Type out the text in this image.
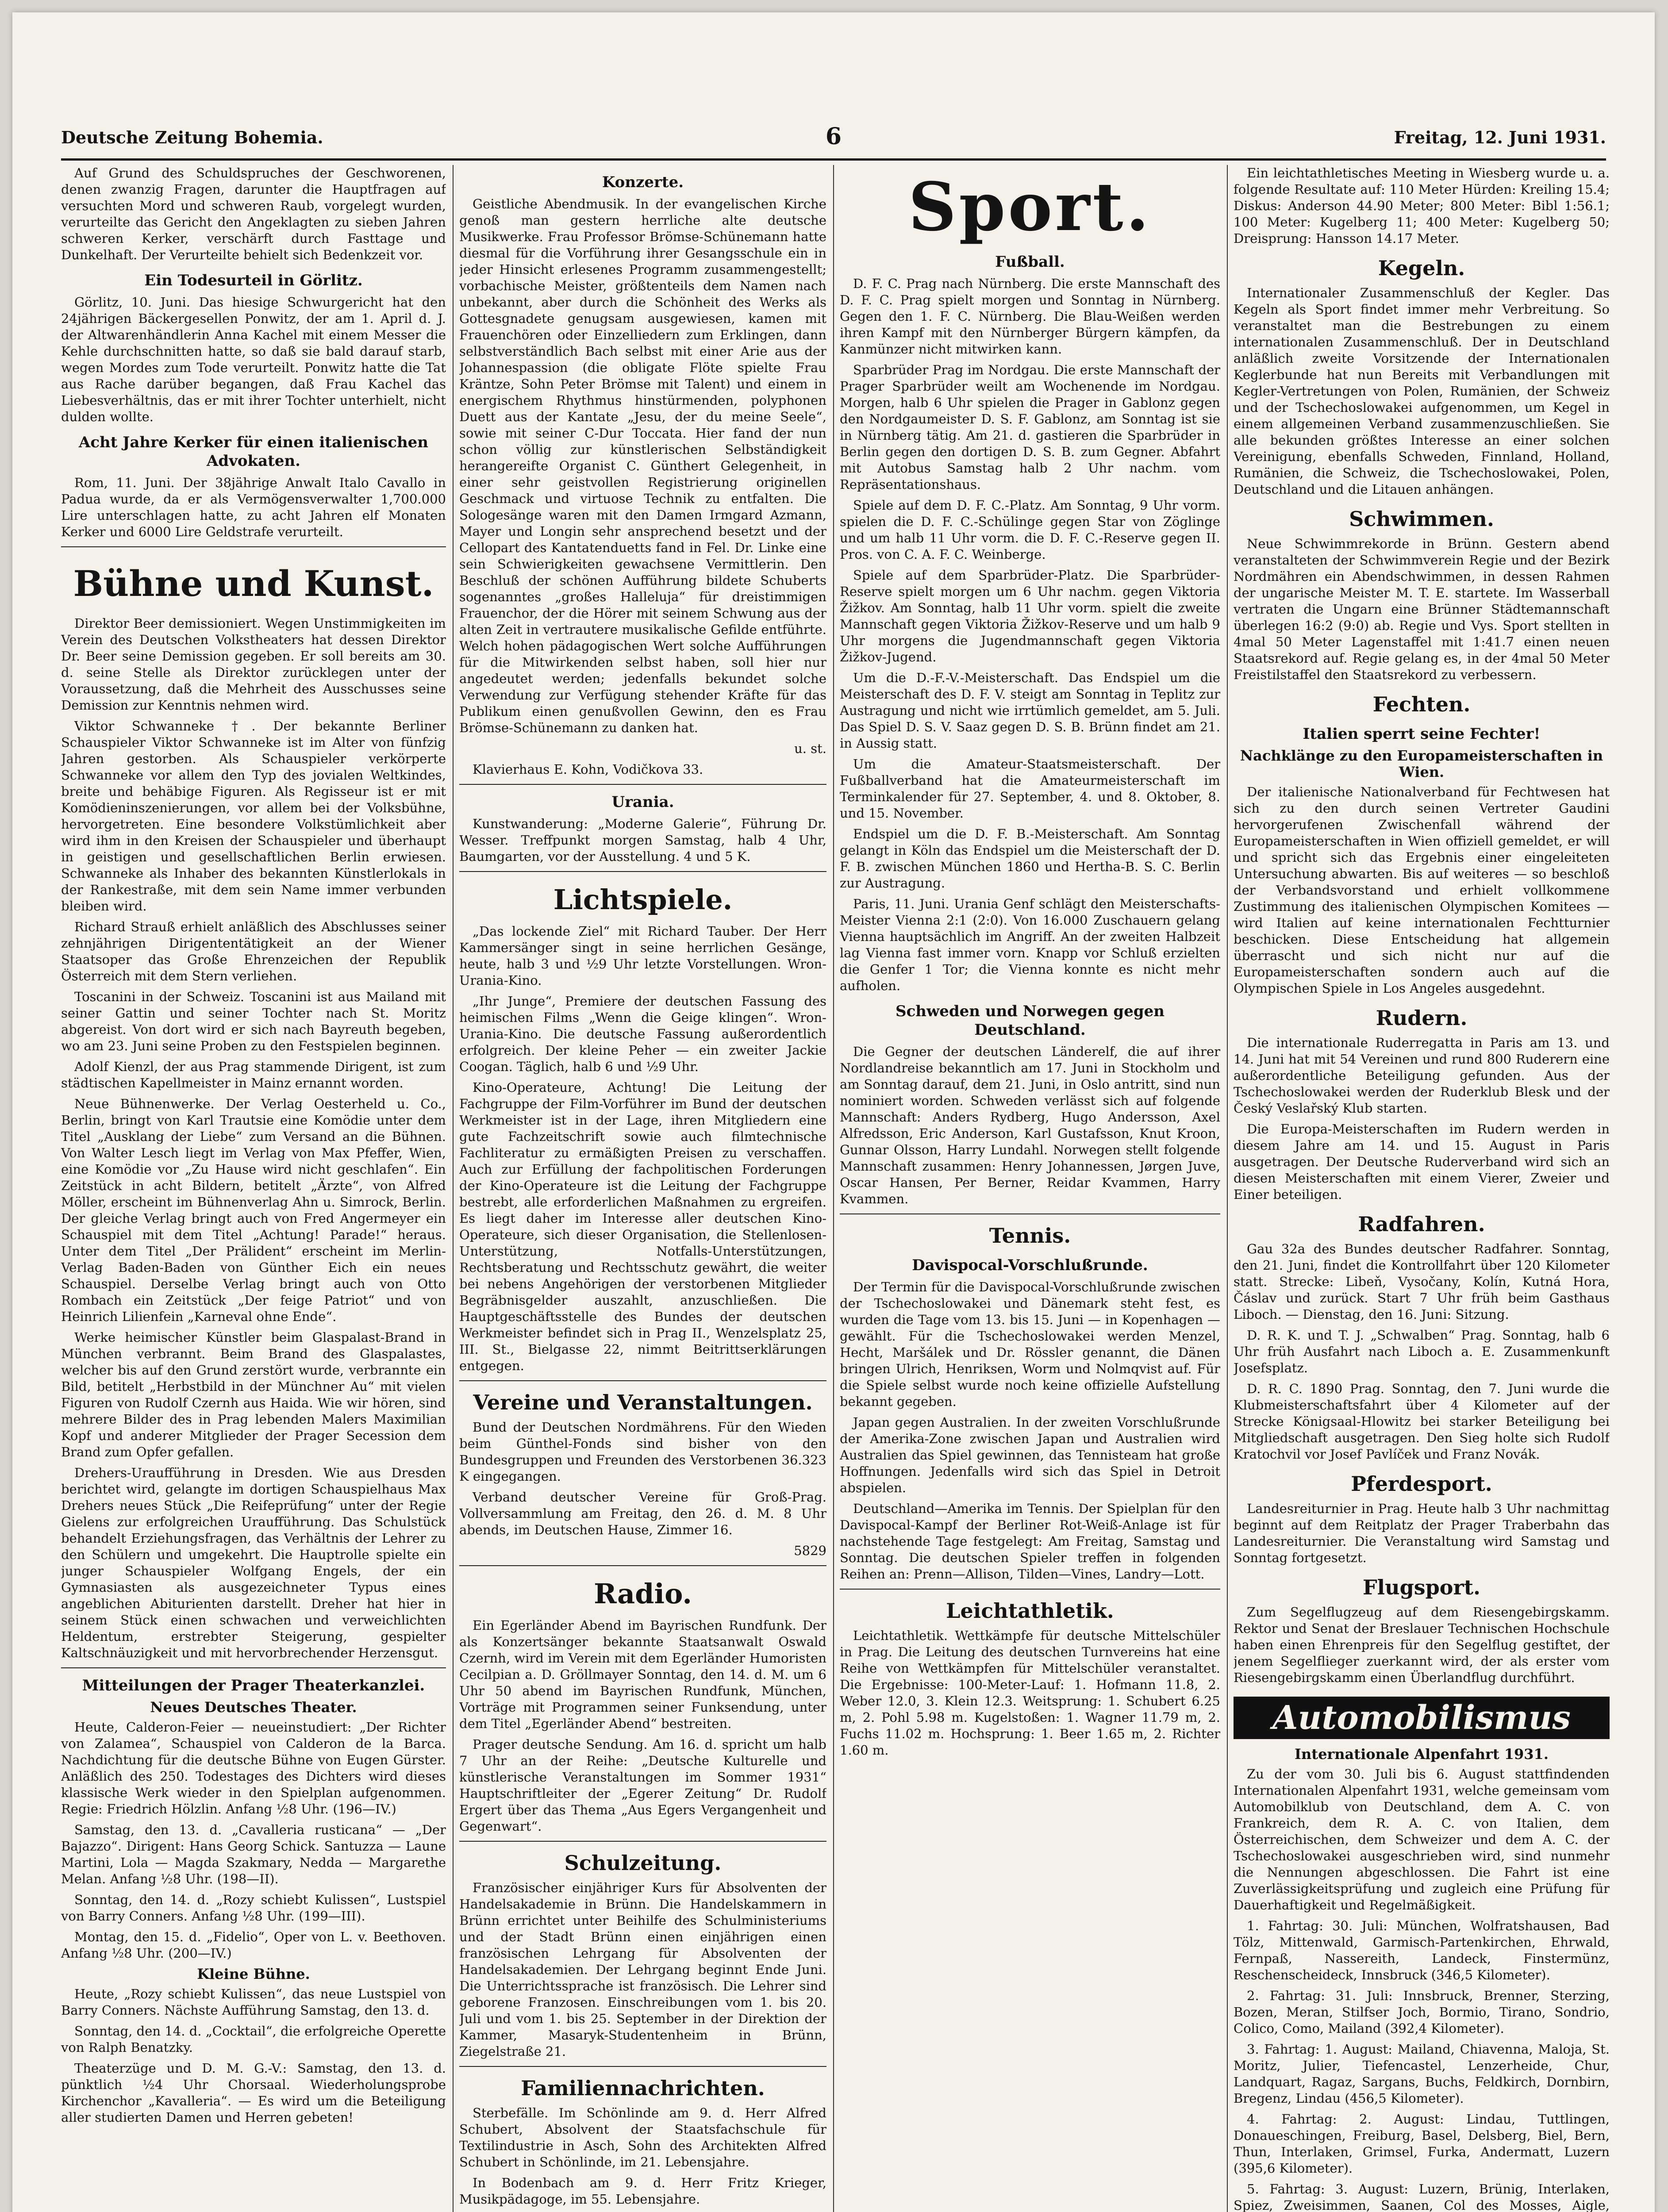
Deutsche Zeitung Bohemia.	6	Freitag, 12. Juni 1931.

Auf Grund des Schuldspruches der Geschworenen, denen zwanzig Fragen, darunter die Hauptfragen auf versuchten Mord und schweren Raub, vorgelegt wurden, verurteilte das Gericht den Angeklagten zu sieben Jahren schweren Kerker, verschärft durch Fasttage und Dunkelhaft. Der Verurteilte behielt sich Bedenkzeit vor.

Ein Todesurteil in Görlitz.

Görlitz, 10. Juni. Das hiesige Schwurgericht hat den 24jährigen Bäckergesellen Ponwitz, der am 1. April d. J. der Altwarenhändlerin Anna Kachel mit einem Messer die Kehle durchschnitten hatte, so daß sie bald darauf starb, wegen Mordes zum Tode verurteilt. Ponwitz hatte die Tat aus Rache darüber begangen, daß Frau Kachel das Liebesverhältnis, das er mit ihrer Tochter unterhielt, nicht dulden wollte.

Acht Jahre Kerker für einen italienischen Advokaten.

Rom, 11. Juni. Der 38jährige Anwalt Italo Cavallo in Padua wurde, da er als Vermögensverwalter 1,700.000 Lire unterschlagen hatte, zu acht Jahren elf Monaten Kerker und 6000 Lire Geldstrafe verurteilt.

Bühne und Kunst.

Direktor Beer demissioniert. Wegen Unstimmigkeiten im Verein des Deutschen Volkstheaters hat dessen Direktor Dr. Beer seine Demission gegeben. Er soll bereits am 30. d. seine Stelle als Direktor zurücklegen unter der Voraussetzung, daß die Mehrheit des Ausschusses seine Demission zur Kenntnis nehmen wird.

Viktor Schwanneke †. Der bekannte Berliner Schauspieler Viktor Schwanneke ist im Alter von fünfzig Jahren gestorben. Als Schauspieler verkörperte Schwanneke vor allem den Typ des jovialen Weltkindes, breite und behäbige Figuren. Als Regisseur ist er mit Komödieninszenierungen, vor allem bei der Volksbühne, hervorgetreten. Eine besondere Volkstümlichkeit aber wird ihm in den Kreisen der Schauspieler und überhaupt in geistigen und gesellschaftlichen Berlin erwiesen. Schwanneke als Inhaber des bekannten Künstlerlokals in der Rankestraße, mit dem sein Name immer verbunden bleiben wird.

Richard Strauß erhielt anläßlich des Abschlusses seiner zehnjährigen Dirigententätigkeit an der Wiener Staatsoper das Große Ehrenzeichen der Republik Österreich mit dem Stern verliehen.

Toscanini in der Schweiz. Toscanini ist aus Mailand mit seiner Gattin und seiner Tochter nach St. Moritz abgereist. Von dort wird er sich nach Bayreuth begeben, wo am 23. Juni seine Proben zu den Festspielen beginnen.

Adolf Kienzl, der aus Prag stammende Dirigent, ist zum städtischen Kapellmeister in Mainz ernannt worden.

Neue Bühnenwerke. Der Verlag Oesterheld u. Co., Berlin, bringt von Karl Trautsie eine Komödie unter dem Titel „Ausklang der Liebe“ zum Versand an die Bühnen. Von Walter Lesch liegt im Verlag von Max Pfeffer, Wien, eine Komödie vor „Zu Hause wird nicht geschlafen“. Ein Zeitstück in acht Bildern, betitelt „Ärzte“, von Alfred Möller, erscheint im Bühnenverlag Ahn u. Simrock, Berlin. Der gleiche Verlag bringt auch von Fred Angermeyer ein Schauspiel mit dem Titel „Achtung! Parade!“ heraus. Unter dem Titel „Der Prälident“ erscheint im Merlin-Verlag Baden-Baden von Günther Eich ein neues Schauspiel. Derselbe Verlag bringt auch von Otto Rombach ein Zeitstück „Der feige Patriot“ und von Heinrich Lilienfein „Karneval ohne Ende“.

Werke heimischer Künstler beim Glaspalast-Brand in München verbrannt. Beim Brand des Glaspalastes, welcher bis auf den Grund zerstört wurde, verbrannte ein Bild, betitelt „Herbstbild in der Münchner Au“ mit vielen Figuren von Rudolf Czernh aus Haida. Wie wir hören, sind mehrere Bilder des in Prag lebenden Malers Maximilian Kopf und anderer Mitglieder der Prager Secession dem Brand zum Opfer gefallen.

Drehers-Uraufführung in Dresden. Wie aus Dresden berichtet wird, gelangte im dortigen Schauspielhaus Max Drehers neues Stück „Die Reifeprüfung“ unter der Regie Gielens zur erfolgreichen Uraufführung. Das Schulstück behandelt Erziehungsfragen, das Verhältnis der Lehrer zu den Schülern und umgekehrt. Die Hauptrolle spielte ein junger Schauspieler Wolfgang Engels, der ein Gymnasiasten als ausgezeichneter Typus eines angeblichen Abiturienten darstellt. Dreher hat hier in seinem Stück einen schwachen und verweichlichten Heldentum, erstrebter Steigerung, gespielter Kaltschnäuzigkeit und mit hervorbrechender Herzensgut.

Mitteilungen der Prager Theaterkanzlei.
Neues Deutsches Theater.

Heute, Calderon-Feier — neueinstudiert: „Der Richter von Zalamea“, Schauspiel von Calderon de la Barca. Nachdichtung für die deutsche Bühne von Eugen Gürster. Anläßlich des 250. Todestages des Dichters wird dieses klassische Werk wieder in den Spielplan aufgenommen. Regie: Friedrich Hölzlin. Anfang ½8 Uhr. (196—IV.)

Samstag, den 13. d. „Cavalleria rusticana“ — „Der Bajazzo“. Dirigent: Hans Georg Schick. Santuzza — Laune Martini, Lola — Magda Szakmary, Nedda — Margarethe Melan. Anfang ½8 Uhr. (198—II).

Sonntag, den 14. d. „Rozy schiebt Kulissen“, Lustspiel von Barry Conners. Anfang ½8 Uhr. (199—III).

Montag, den 15. d. „Fidelio“, Oper von L. v. Beethoven. Anfang ½8 Uhr. (200—IV.)

Kleine Bühne.

Heute, „Rozy schiebt Kulissen“, das neue Lustspiel von Barry Conners. Nächste Aufführung Samstag, den 13. d.

Sonntag, den 14. d. „Cocktail“, die erfolgreiche Operette von Ralph Benatzky.

Theaterzüge und D. M. G.-V.: Samstag, den 13. d. pünktlich ½4 Uhr Chorsaal. Wiederholungsprobe Kirchenchor „Kavalleria“. — Es wird um die Beteiligung aller studierten Damen und Herren gebeten!

Konzerte.

Geistliche Abendmusik. In der evangelischen Kirche genoß man gestern herrliche alte deutsche Musikwerke. Frau Professor Brömse-Schünemann hatte diesmal für die Vorführung ihrer Gesangsschule ein in jeder Hinsicht erlesenes Programm zusammengestellt; vorbachische Meister, größtenteils dem Namen nach unbekannt, aber durch die Schönheit des Werks als Gottesgnadete genugsam ausgewiesen, kamen mit Frauenchören oder Einzelliedern zum Erklingen, dann selbstverständlich Bach selbst mit einer Arie aus der Johannespassion (die obligate Flöte spielte Frau Kräntze, Sohn Peter Brömse mit Talent) und einem in energischem Rhythmus hinstürmenden, polyphonen Duett aus der Kantate „Jesu, der du meine Seele“, sowie mit seiner C-Dur Toccata. Hier fand der nun schon völlig zur künstlerischen Selbständigkeit herangereifte Organist C. Günthert Gelegenheit, in einer sehr geistvollen Registrierung originellen Geschmack und virtuose Technik zu entfalten. Die Sologesänge waren mit den Damen Irmgard Azmann, Mayer und Longin sehr ansprechend besetzt und der Cellopart des Kantatenduetts fand in Fel. Dr. Linke eine sein Schwierigkeiten gewachsene Vermittlerin. Den Beschluß der schönen Aufführung bildete Schuberts sogenanntes „großes Halleluja“ für dreistimmigen Frauenchor, der die Hörer mit seinem Schwung aus der alten Zeit in vertrautere musikalische Gefilde entführte. Welch hohen pädagogischen Wert solche Aufführungen für die Mitwirkenden selbst haben, soll hier nur angedeutet werden; jedenfalls bekundet solche Verwendung zur Verfügung stehender Kräfte für das Publikum einen genußvollen Gewinn, den es Frau Brömse-Schünemann zu danken hat.

u. st.

Klavierhaus E. Kohn, Vodičkova 33.

Urania.

Kunstwanderung: „Moderne Galerie“, Führung Dr. Wesser. Treffpunkt morgen Samstag, halb 4 Uhr, Baumgarten, vor der Ausstellung. 4 und 5 K.

Lichtspiele.

„Das lockende Ziel“ mit Richard Tauber. Der Herr Kammersänger singt in seine herrlichen Gesänge, heute, halb 3 und ½9 Uhr letzte Vorstellungen. Wron-Urania-Kino.

„Ihr Junge“, Premiere der deutschen Fassung des heimischen Films „Wenn die Geige klingen“. Wron-Urania-Kino. Die deutsche Fassung außerordentlich erfolgreich. Der kleine Peher — ein zweiter Jackie Coogan. Täglich, halb 6 und ½9 Uhr.

Kino-Operateure, Achtung! Die Leitung der Fachgruppe der Film-Vorführer im Bund der deutschen Werkmeister ist in der Lage, ihren Mitgliedern eine gute Fachzeitschrift sowie auch filmtechnische Fachliteratur zu ermäßigten Preisen zu verschaffen. Auch zur Erfüllung der fachpolitischen Forderungen der Kino-Operateure ist die Leitung der Fachgruppe bestrebt, alle erforderlichen Maßnahmen zu ergreifen. Es liegt daher im Interesse aller deutschen Kino-Operateure, sich dieser Organisation, die Stellenlosen-Unterstützung, Notfalls-Unterstützungen, Rechtsberatung und Rechtsschutz gewährt, die weiter bei nebens Angehörigen der verstorbenen Mitglieder Begräbnisgelder auszahlt, anzuschließen. Die Hauptgeschäftsstelle des Bundes der deutschen Werkmeister befindet sich in Prag II., Wenzelsplatz 25, III. St., Bielgasse 22, nimmt Beitrittserklärungen entgegen.

Vereine und Veranstaltungen.

Bund der Deutschen Nordmährens. Für den Wieden beim Günthel-Fonds sind bisher von den Bundesgruppen und Freunden des Verstorbenen 36.323 K eingegangen.

Verband deutscher Vereine für Groß-Prag. Vollversammlung am Freitag, den 26. d. M. 8 Uhr abends, im Deutschen Hause, Zimmer 16.

5829

Radio.

Ein Egerländer Abend im Bayrischen Rundfunk. Der als Konzertsänger bekannte Staatsanwalt Oswald Czernh, wird im Verein mit dem Egerländer Humoristen Cecilpian a. D. Gröllmayer Sonntag, den 14. d. M. um 6 Uhr 50 abend im Bayrischen Rundfunk, München, Vorträge mit Programmen seiner Funksendung, unter dem Titel „Egerländer Abend“ bestreiten.

Prager deutsche Sendung. Am 16. d. spricht um halb 7 Uhr an der Reihe: „Deutsche Kulturelle und künstlerische Veranstaltungen im Sommer 1931“ Hauptschriftleiter der „Egerer Zeitung“ Dr. Rudolf Ergert über das Thema „Aus Egers Vergangenheit und Gegenwart“.

Schulzeitung.

Französischer einjähriger Kurs für Absolventen der Handelsakademie in Brünn. Die Handelskammern in Brünn errichtet unter Beihilfe des Schulministeriums und der Stadt Brünn einen einjährigen einen französischen Lehrgang für Absolventen der Handelsakademien. Der Lehrgang beginnt Ende Juni. Die Unterrichtssprache ist französisch. Die Lehrer sind geborene Franzosen. Einschreibungen vom 1. bis 20. Juli und vom 1. bis 25. September in der Direktion der Kammer, Masaryk-Studentenheim in Brünn, Ziegelstraße 21.

Familiennachrichten.

Sterbefälle. Im Schönlinde am 9. d. Herr Alfred Schubert, Absolvent der Staatsfachschule für Textilindustrie in Asch, Sohn des Architekten Alfred Schubert in Schönlinde, im 21. Lebensjahre.

In Bodenbach am 9. d. Herr Fritz Krieger, Musikpädagoge, im 55. Lebensjahre.

Sport.
Fußball.

D. F. C. Prag nach Nürnberg. Die erste Mannschaft des D. F. C. Prag spielt morgen und Sonntag in Nürnberg. Gegen den 1. F. C. Nürnberg. Die Blau-Weißen werden ihren Kampf mit den Nürnberger Bürgern kämpfen, da Kanmünzer nicht mitwirken kann.

Sparbrüder Prag im Nordgau. Die erste Mannschaft der Prager Sparbrüder weilt am Wochenende im Nordgau. Morgen, halb 6 Uhr spielen die Prager in Gablonz gegen den Nordgaumeister D. S. F. Gablonz, am Sonntag ist sie in Nürnberg tätig. Am 21. d. gastieren die Sparbrüder in Berlin gegen den dortigen D. S. B. zum Gegner. Abfahrt mit Autobus Samstag halb 2 Uhr nachm. vom Repräsentationshaus.

Spiele auf dem D. F. C.-Platz. Am Sonntag, 9 Uhr vorm. spielen die D. F. C.-Schülinge gegen Star von Zöglinge und um halb 11 Uhr vorm. die D. F. C.-Reserve gegen II. Pros. von C. A. F. C. Weinberge.

Spiele auf dem Sparbrüder-Platz. Die Sparbrüder-Reserve spielt morgen um 6 Uhr nachm. gegen Viktoria Žižkov. Am Sonntag, halb 11 Uhr vorm. spielt die zweite Mannschaft gegen Viktoria Žižkov-Reserve und um halb 9 Uhr morgens die Jugendmannschaft gegen Viktoria Žižkov-Jugend.

Um die D.-F.-V.-Meisterschaft. Das Endspiel um die Meisterschaft des D. F. V. steigt am Sonntag in Teplitz zur Austragung und nicht wie irrtümlich gemeldet, am 5. Juli. Das Spiel D. S. V. Saaz gegen D. S. B. Brünn findet am 21. in Aussig statt.

Um die Amateur-Staatsmeisterschaft. Der Fußballverband hat die Amateurmeisterschaft im Terminkalender für 27. September, 4. und 8. Oktober, 8. und 15. November.

Endspiel um die D. F. B.-Meisterschaft. Am Sonntag gelangt in Köln das Endspiel um die Meisterschaft der D. F. B. zwischen München 1860 und Hertha-B. S. C. Berlin zur Austragung.

Paris, 11. Juni. Urania Genf schlägt den Meisterschafts-Meister Vienna 2:1 (2:0). Von 16.000 Zuschauern gelang Vienna hauptsächlich im Angriff. An der zweiten Halbzeit lag Vienna fast immer vorn. Knapp vor Schluß erzielten die Genfer 1 Tor; die Vienna konnte es nicht mehr aufholen.

Schweden und Norwegen gegen Deutschland.

Die Gegner der deutschen Länderelf, die auf ihrer Nordlandreise bekanntlich am 17. Juni in Stockholm und am Sonntag darauf, dem 21. Juni, in Oslo antritt, sind nun nominiert worden. Schweden verlässt sich auf folgende Mannschaft: Anders Rydberg, Hugo Andersson, Axel Alfredsson, Eric Anderson, Karl Gustafsson, Knut Kroon, Gunnar Olsson, Harry Lundahl. Norwegen stellt folgende Mannschaft zusammen: Henry Johannessen, Jørgen Juve, Oscar Hansen, Per Berner, Reidar Kvammen, Harry Kvammen.

Tennis.
Davispocal-Vorschlußrunde.

Der Termin für die Davispocal-Vorschlußrunde zwischen der Tschechoslowakei und Dänemark steht fest, es wurden die Tage vom 13. bis 15. Juni — in Kopenhagen — gewählt. Für die Tschechoslowakei werden Menzel, Hecht, Maršálek und Dr. Rössler genannt, die Dänen bringen Ulrich, Henriksen, Worm und Nolmqvist auf. Für die Spiele selbst wurde noch keine offizielle Aufstellung bekannt gegeben.

Japan gegen Australien. In der zweiten Vorschlußrunde der Amerika-Zone zwischen Japan und Australien wird Australien das Spiel gewinnen, das Tennisteam hat große Hoffnungen. Jedenfalls wird sich das Spiel in Detroit abspielen.

Deutschland—Amerika im Tennis. Der Spielplan für den Davispocal-Kampf der Berliner Rot-Weiß-Anlage ist für nachstehende Tage festgelegt: Am Freitag, Samstag und Sonntag. Die deutschen Spieler treffen in folgenden Reihen an: Prenn—Allison, Tilden—Vines, Landry—Lott.

Leichtathletik.

Leichtathletik. Wettkämpfe für deutsche Mittelschüler in Prag. Die Leitung des deutschen Turnvereins hat eine Reihe von Wettkämpfen für Mittelschüler veranstaltet. Die Ergebnisse: 100-Meter-Lauf: 1. Hofmann 11.8, 2. Weber 12.0, 3. Klein 12.3. Weitsprung: 1. Schubert 6.25 m, 2. Pohl 5.98 m. Kugelstoßen: 1. Wagner 11.79 m, 2. Fuchs 11.02 m. Hochsprung: 1. Beer 1.65 m, 2. Richter 1.60 m.

Ein leichtathletisches Meeting in Wiesberg wurde u. a. folgende Resultate auf: 110 Meter Hürden: Kreiling 15.4; Diskus: Anderson 44.90 Meter; 800 Meter: Bibl 1:56.1; 100 Meter: Kugelberg 11; 400 Meter: Kugelberg 50; Dreisprung: Hansson 14.17 Meter.

Kegeln.

Internationaler Zusammenschluß der Kegler. Das Kegeln als Sport findet immer mehr Verbreitung. So veranstaltet man die Bestrebungen zu einem internationalen Zusammenschluß. Der in Deutschland anläßlich zweite Vorsitzende der Internationalen Keglerbunde hat nun Bereits mit Verbandlungen mit Kegler-Vertretungen von Polen, Rumänien, der Schweiz und der Tschechoslowakei aufgenommen, um Kegel in einem allgemeinen Verband zusammenzuschließen. Sie alle bekunden größtes Interesse an einer solchen Vereinigung, ebenfalls Schweden, Finnland, Holland, Rumänien, die Schweiz, die Tschechoslowakei, Polen, Deutschland und die Litauen anhängen.

Schwimmen.

Neue Schwimmrekorde in Brünn. Gestern abend veranstalteten der Schwimmverein Regie und der Bezirk Nordmähren ein Abendschwimmen, in dessen Rahmen der ungarische Meister M. T. E. startete. Im Wasserball vertraten die Ungarn eine Brünner Städtemannschaft überlegen 16:2 (9:0) ab. Regie und Vys. Sport stellten in 4mal 50 Meter Lagenstaffel mit 1:41.7 einen neuen Staatsrekord auf. Regie gelang es, in der 4mal 50 Meter Freistilstaffel den Staatsrekord zu verbessern.

Fechten.
Italien sperrt seine Fechter!
Nachklänge zu den Europameisterschaften in Wien.

Der italienische Nationalverband für Fechtwesen hat sich zu den durch seinen Vertreter Gaudini hervorgerufenen Zwischenfall während der Europameisterschaften in Wien offiziell gemeldet, er will und spricht sich das Ergebnis einer eingeleiteten Untersuchung abwarten. Bis auf weiteres — so beschloß der Verbandsvorstand und erhielt vollkommene Zustimmung des italienischen Olympischen Komitees — wird Italien auf keine internationalen Fechtturnier beschicken. Diese Entscheidung hat allgemein überrascht und sich nicht nur auf die Europameisterschaften sondern auch auf die Olympischen Spiele in Los Angeles ausgedehnt.

Rudern.

Die internationale Ruderregatta in Paris am 13. und 14. Juni hat mit 54 Vereinen und rund 800 Ruderern eine außerordentliche Beteiligung gefunden. Aus der Tschechoslowakei werden der Ruderklub Blesk und der Český Veslařský Klub starten.

Die Europa-Meisterschaften im Rudern werden in diesem Jahre am 14. und 15. August in Paris ausgetragen. Der Deutsche Ruderverband wird sich an diesen Meisterschaften mit einem Vierer, Zweier und Einer beteiligen.

Radfahren.

Gau 32a des Bundes deutscher Radfahrer. Sonntag, den 21. Juni, findet die Kontrollfahrt über 120 Kilometer statt. Strecke: Libeň, Vysočany, Kolín, Kutná Hora, Čáslav und zurück. Start 7 Uhr früh beim Gasthaus Liboch. — Dienstag, den 16. Juni: Sitzung.

D. R. K. und T. J. „Schwalben“ Prag. Sonntag, halb 6 Uhr früh Ausfahrt nach Liboch a. E. Zusammenkunft Josefsplatz.

D. R. C. 1890 Prag. Sonntag, den 7. Juni wurde die Klubmeisterschaftsfahrt über 4 Kilometer auf der Strecke Königsaal-Hlowitz bei starker Beteiligung bei Mitgliedschaft ausgetragen. Den Sieg holte sich Rudolf Kratochvil vor Josef Pavlíček und Franz Novák.

Pferdesport.

Landesreiturnier in Prag. Heute halb 3 Uhr nachmittag beginnt auf dem Reitplatz der Prager Traberbahn das Landesreiturnier. Die Veranstaltung wird Samstag und Sonntag fortgesetzt.

Flugsport.

Zum Segelflugzeug auf dem Riesengebirgskamm. Rektor und Senat der Breslauer Technischen Hochschule haben einen Ehrenpreis für den Segelflug gestiftet, der jenem Segelflieger zuerkannt wird, der als erster vom Riesengebirgskamm einen Überlandflug durchführt.

Automobilismus
Internationale Alpenfahrt 1931.

Zu der vom 30. Juli bis 6. August stattfindenden Internationalen Alpenfahrt 1931, welche gemeinsam vom Automobilklub von Deutschland, dem A. C. von Frankreich, dem R. A. C. von Italien, dem Österreichischen, dem Schweizer und dem A. C. der Tschechoslowakei ausgeschrieben wird, sind nunmehr die Nennungen abgeschlossen. Die Fahrt ist eine Zuverlässigkeitsprüfung und zugleich eine Prüfung für Dauerhaftigkeit und Regelmäßigkeit.

1. Fahrtag: 30. Juli: München, Wolfratshausen, Bad Tölz, Mittenwald, Garmisch-Partenkirchen, Ehrwald, Fernpaß, Nassereith, Landeck, Finstermünz, Reschenscheideck, Innsbruck (346,5 Kilometer).

2. Fahrtag: 31. Juli: Innsbruck, Brenner, Sterzing, Bozen, Meran, Stilfser Joch, Bormio, Tirano, Sondrio, Colico, Como, Mailand (392,4 Kilometer).

3. Fahrtag: 1. August: Mailand, Chiavenna, Maloja, St. Moritz, Julier, Tiefencastel, Lenzerheide, Chur, Landquart, Ragaz, Sargans, Buchs, Feldkirch, Dornbirn, Bregenz, Lindau (456,5 Kilometer).

4. Fahrtag: 2. August: Lindau, Tuttlingen, Donaueschingen, Freiburg, Basel, Delsberg, Biel, Bern, Thun, Interlaken, Grimsel, Furka, Andermatt, Luzern (395,6 Kilometer).

5. Fahrtag: 3. August: Luzern, Brünig, Interlaken, Spiez, Zweisimmen, Saanen, Col des Mosses, Aigle,
